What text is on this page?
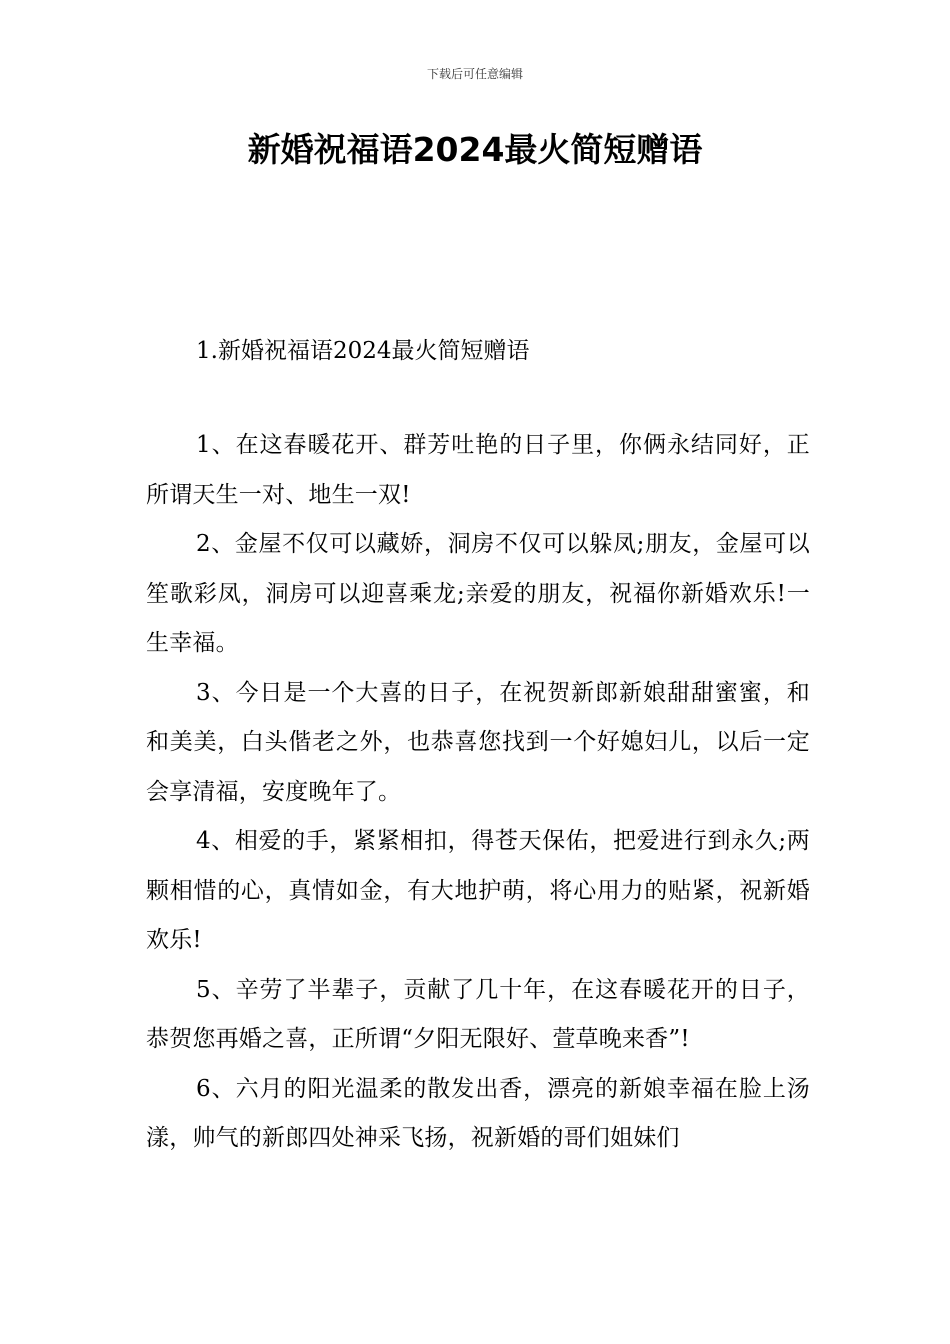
下载后可任意编辑
新婚祝福语2024最火简短赠语
1.新婚祝福语2024最火简短赠语

1、在这春暖花开、群芳吐艳的日子里，你俩永结同好，正所谓天生一对、地生一双!

2、金屋不仅可以藏娇，洞房不仅可以躲凤;朋友，金屋可以笙歌彩凤，洞房可以迎喜乘龙;亲爱的朋友，祝福你新婚欢乐!一生幸福。

3、今日是一个大喜的日子，在祝贺新郎新娘甜甜蜜蜜，和和美美，白头偕老之外，也恭喜您找到一个好媳妇儿，以后一定会享清福，安度晚年了。

4、相爱的手，紧紧相扣，得苍天保佑，把爱进行到永久;两颗相惜的心，真情如金，有大地护萌，将心用力的贴紧，祝新婚欢乐!

5、辛劳了半辈子，贡献了几十年，在这春暖花开的日子，恭贺您再婚之喜，正所谓“夕阳无限好、萱草晚来香”!

6、六月的阳光温柔的散发出香，漂亮的新娘幸福在脸上汤漾，帅气的新郎四处神采飞扬，祝新婚的哥们姐妹们
